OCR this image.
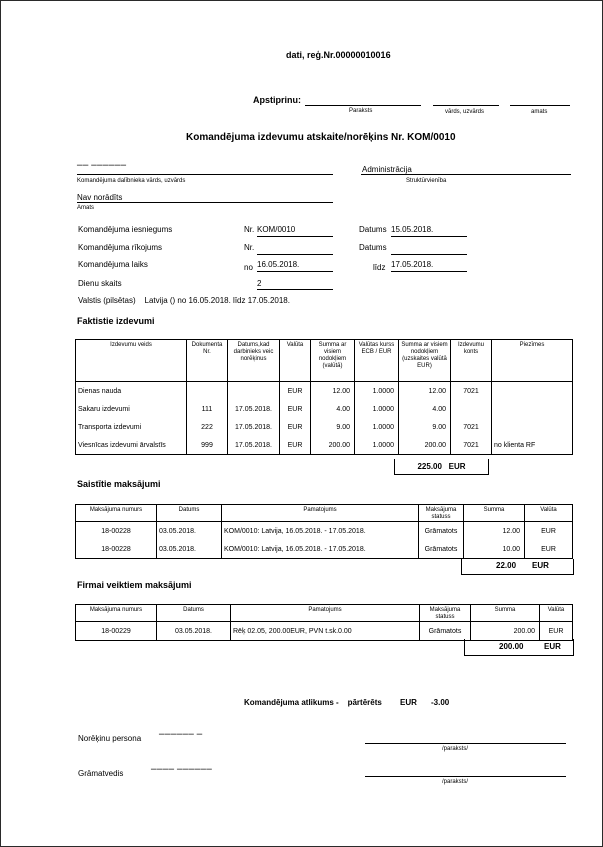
dati, reģ.Nr.00000010016
Apstiprinu:
Paraksts	vārds, uzvārds	amats
Komandējuma izdevumu atskaite/norēķins Nr. KOM/0010
▔▔ ▔▔▔▔▔▔
Komandējuma dalībnieka vārds, uzvārds
Nav norādīts
Amats
Administrācija
Struktūrvienība
Komandējuma iesniegums	Nr. KOM/0010	Datums 15.05.2018.
Komandējuma rīkojums	Nr.	Datums
Komandējuma laiks	no 16.05.2018.	līdz 17.05.2018.
Dienu skaits	2
Valstis (pilsētas)    Latvija () no 16.05.2018. līdz 17.05.2018.
Faktistie izdevumi
Izdevumu veids	Dokumenta Nr.	Datums,kad darbinieks veic norēķinus	Valūta	Summa ar visiem nodokļiem (valūtā)	Valūtas kurss ECB / EUR	Summa ar visiem nodokļiem (uzskaites valūtā EUR)	Izdevumu konts	Piezīmes
Dienas nauda			EUR	12.00	1.0000	12.00	7021	
Sakaru izdevumi	111	17.05.2018.	EUR	4.00	1.0000	4.00		
Transporta izdevumi	222	17.05.2018.	EUR	9.00	1.0000	9.00	7021	
Viesnīcas izdevumi ārvalstīs	999	17.05.2018.	EUR	200.00	1.0000	200.00	7021	no klienta RF
225.00   EUR
Saistītie maksājumi
Maksājuma numurs	Datums	Pamatojums	Maksājuma statuss	Summa	Valūta
18-00228	03.05.2018.	KOM/0010: Latvija, 16.05.2018. - 17.05.2018.	Grāmatots	12.00	EUR
18-00228	03.05.2018.	KOM/0010: Latvija, 16.05.2018. - 17.05.2018.	Grāmatots	10.00	EUR
22.00 EUR
Firmai veiktiem maksājumi
Maksājuma numurs	Datums	Pamatojums	Maksājuma statuss	Summa	Valūta
18-00229	03.05.2018.	Rēķ 02.05, 200.00EUR, PVN t.sk.0.00	Grāmatots	200.00	EUR
200.00	EUR
Komandējuma atlikums -    pārtērēts EUR -3.00
Norēķinu persona	▔▔▔▔▔▔ ▔
/paraksts/
Grāmatvedis	▔▔▔▔ ▔▔▔▔▔▔
/paraksts/
